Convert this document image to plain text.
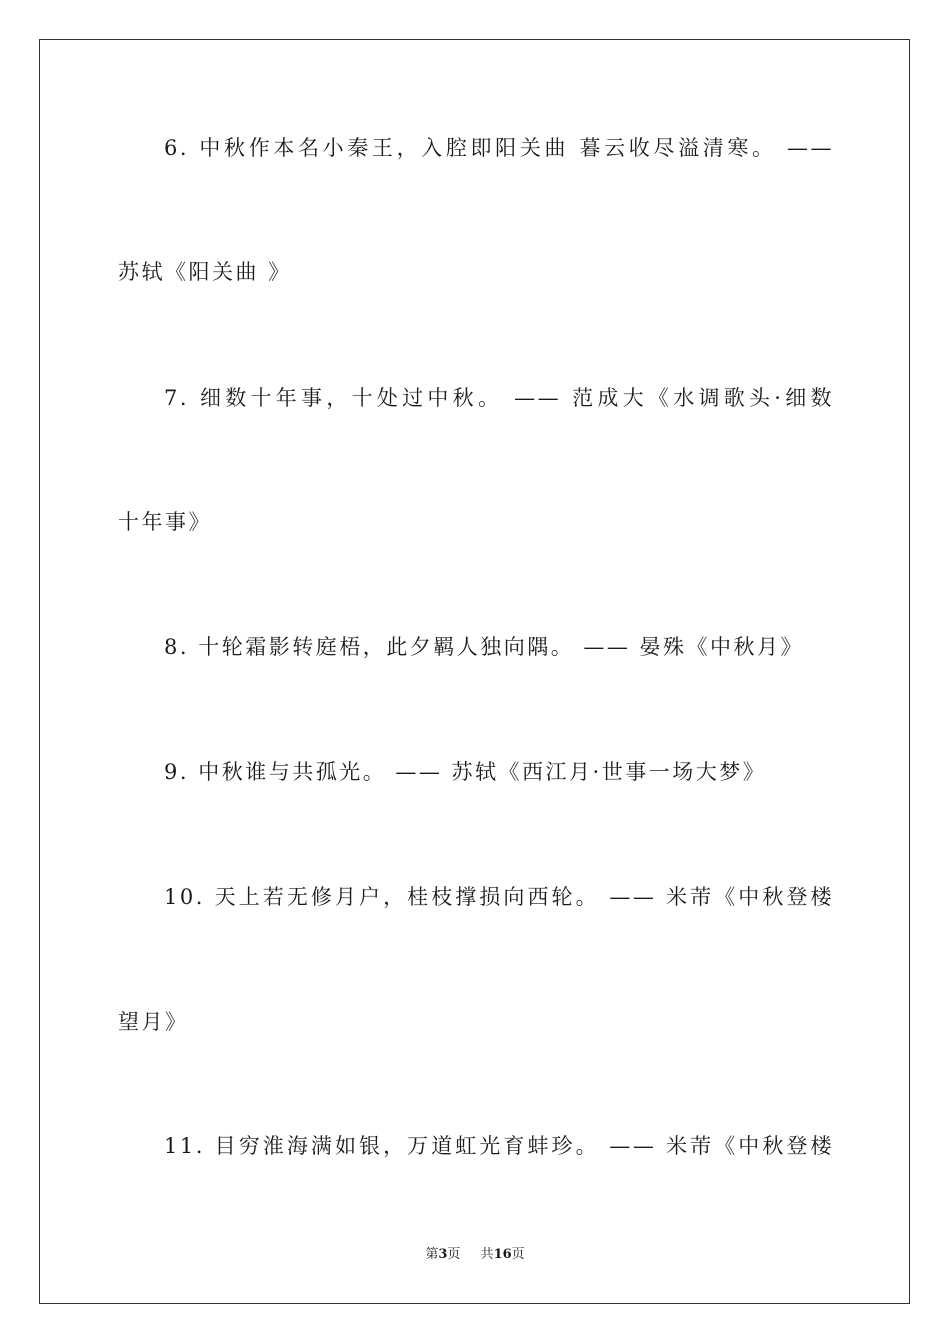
6. 中秋作本名小秦王，入腔即阳关曲 暮云收尽溢清寒。 ——
苏轼《阳关曲 》
7. 细数十年事，十处过中秋。 —— 范成大《水调歌头·细数
十年事》
8. 十轮霜影转庭梧，此夕羁人独向隅。 —— 晏殊《中秋月》
9. 中秋谁与共孤光。 —— 苏轼《西江月·世事一场大梦》
10. 天上若无修月户，桂枝撑损向西轮。 —— 米芾《中秋登楼
望月》
11. 目穷淮海满如银，万道虹光育蚌珍。 —— 米芾《中秋登楼
第3页 共16页
